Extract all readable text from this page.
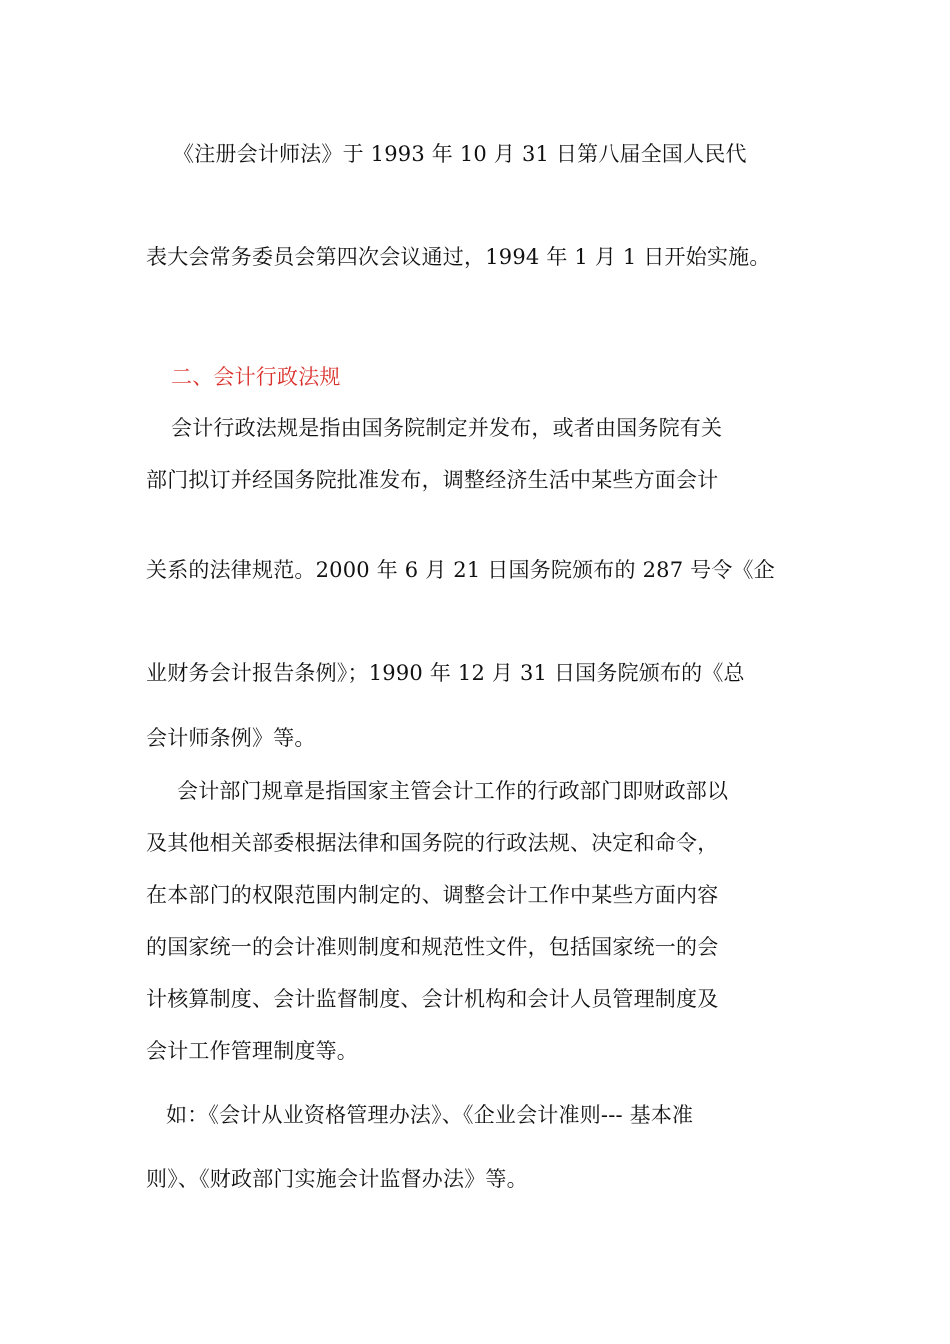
《注册会计师法》于 1993 年 10 月 31 日第八届全国人民代
表大会常务委员会第四次会议通过，1994 年 1 月 1 日开始实施。
二、会计行政法规
会计行政法规是指由国务院制定并发布，或者由国务院有关
部门拟订并经国务院批准发布，调整经济生活中某些方面会计
关系的法律规范。2000 年 6 月 21 日国务院颁布的 287 号令《企
业财务会计报告条例》；1990 年 12 月 31 日国务院颁布的《总
会计师条例》等。
会计部门规章是指国家主管会计工作的行政部门即财政部以
及其他相关部委根据法律和国务院的行政法规、决定和命令，
在本部门的权限范围内制定的、调整会计工作中某些方面内容
的国家统一的会计准则制度和规范性文件，包括国家统一的会
计核算制度、会计监督制度、会计机构和会计人员管理制度及
会计工作管理制度等。
如：《会计从业资格管理办法》、《企业会计准则--- 基本准
则》、《财政部门实施会计监督办法》等。
